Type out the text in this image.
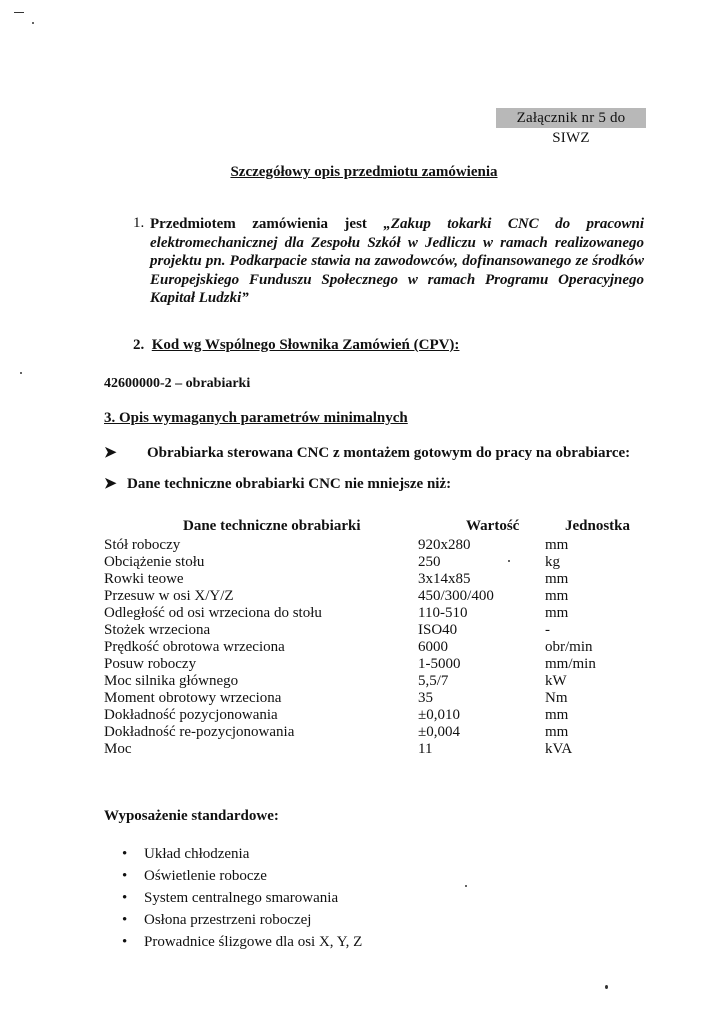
Załącznik nr 5 do SIWZ
Szczegółowy opis przedmiotu zamówienia
1. Przedmiotem zamówienia jest „Zakup tokarki CNC do pracowni elektromechanicznej dla Zespołu Szkół w Jedliczu w ramach realizowanego projektu pn. Podkarpacie stawia na zawodowców, dofinansowanego ze środków Europejskiego Funduszu Społecznego w ramach Programu Operacyjnego Kapitał Ludzki”
2. Kod wg Wspólnego Słownika Zamówień (CPV):
42600000-2 – obrabiarki
3. Opis wymaganych parametrów minimalnych
➤ Obrabiarka sterowana CNC z montażem gotowym do pracy na obrabiarce:
➤ Dane techniczne obrabiarki CNC nie mniejsze niż:
Dane techniczne obrabiarki	Wartość	Jednostka
Stół roboczy	920x280	mm
Obciążenie stołu	250	kg
Rowki teowe	3x14x85	mm
Przesuw w osi X/Y/Z	450/300/400	mm
Odległość od osi wrzeciona do stołu	110-510	mm
Stożek wrzeciona	ISO40	-
Prędkość obrotowa wrzeciona	6000	obr/min
Posuw roboczy	1-5000	mm/min
Moc silnika głównego	5,5/7	kW
Moment obrotowy wrzeciona	35	Nm
Dokładność pozycjonowania	±0,010	mm
Dokładność re-pozycjonowania	±0,004	mm
Moc	11	kVA
Wyposażenie standardowe:
• Układ chłodzenia
• Oświetlenie robocze
• System centralnego smarowania
• Osłona przestrzeni roboczej
• Prowadnice ślizgowe dla osi X, Y, Z
